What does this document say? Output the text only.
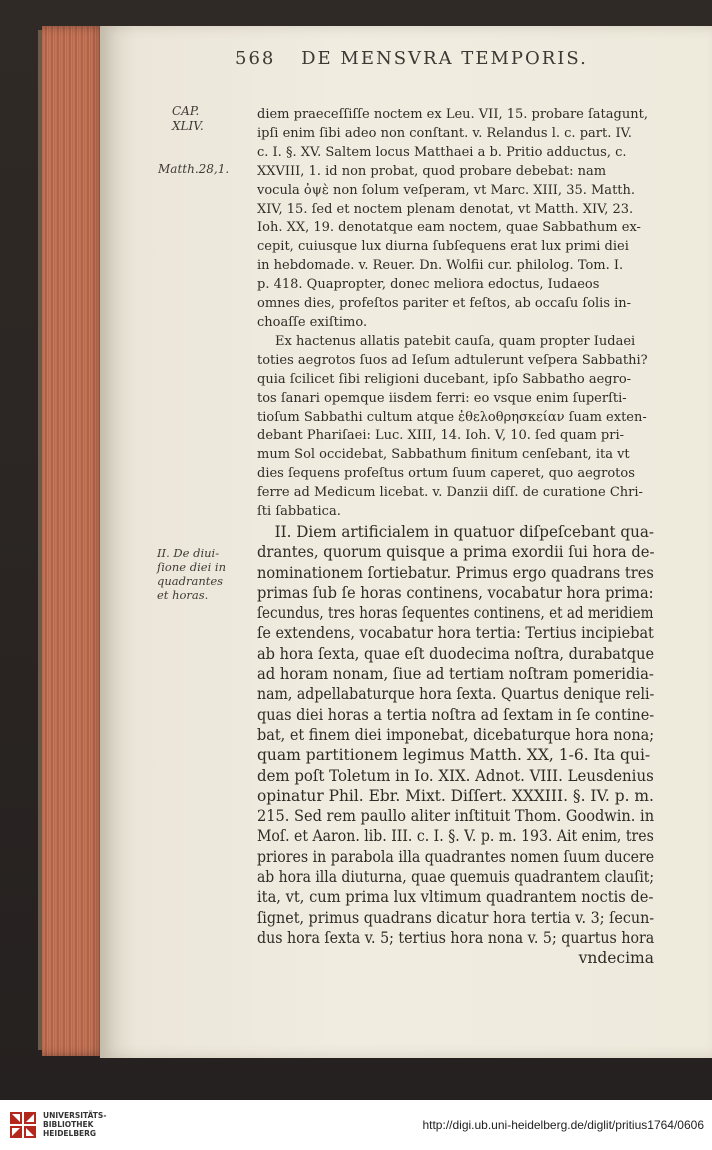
568 DE MENSVRA TEMPORIS.
CAP.
XLIV.
Matth.28,1.
II. De diui-
ſione diei in
quadrantes
et horas.
diem praeceſſiſſe noctem ex Leu. VII, 15. probare ſatagunt,
ipſi enim ſibi adeo non conſtant. v. Relandus l. c. part. IV.
c. I. §. XV. Saltem locus Matthaei a b. Pritio adductus, c.
XXVIII, 1. id non probat, quod probare debebat: nam
vocula ὀψὲ non ſolum veſperam, vt Marc. XIII, 35. Matth.
XIV, 15. ſed et noctem plenam denotat, vt Matth. XIV, 23.
Ioh. XX, 19. denotatque eam noctem, quae Sabbathum ex-
cepit, cuiusque lux diurna ſubſequens erat lux primi diei
in hebdomade. v. Reuer. Dn. Wolfii cur. philolog. Tom. I.
p. 418. Quapropter, donec meliora edoctus, Iudaeos
omnes dies, profeſtos pariter et feſtos, ab occaſu ſolis in-
choaſſe exiſtimo.
Ex hactenus allatis patebit cauſa, quam propter Iudaei
toties aegrotos ſuos ad Ieſum adtulerunt veſpera Sabbathi?
quia ſcilicet ſibi religioni ducebant, ipſo Sabbatho aegro-
tos ſanari opemque iisdem ferri: eo vsque enim ſuperſti-
tioſum Sabbathi cultum atque ἐθελοθρησκείαν ſuam exten-
debant Phariſaei: Luc. XIII, 14. Ioh. V, 10. ſed quam pri-
mum Sol occidebat, Sabbathum finitum cenſebant, ita vt
dies ſequens profeſtus ortum ſuum caperet, quo aegrotos
ferre ad Medicum licebat. v. Danzii diſſ. de curatione Chri-
ſti ſabbatica.
II. Diem artificialem in quatuor diſpeſcebant qua-
drantes, quorum quisque a prima exordii ſui hora de-
nominationem ſortiebatur. Primus ergo quadrans tres
primas ſub ſe horas continens, vocabatur hora prima:
ſecundus, tres horas ſequentes continens, et ad meridiem
ſe extendens, vocabatur hora tertia: Tertius incipiebat
ab hora ſexta, quae eſt duodecima noſtra, durabatque
ad horam nonam, ſiue ad tertiam noſtram pomeridia-
nam, adpellabaturque hora ſexta. Quartus denique reli-
quas diei horas a tertia noſtra ad ſextam in ſe contine-
bat, et finem diei imponebat, dicebaturque hora nona;
quam partitionem legimus Matth. XX, 1-6. Ita qui-
dem poſt Toletum in Io. XIX. Adnot. VIII. Leusdenius
opinatur Phil. Ebr. Mixt. Diſſert. XXXIII. §. IV. p. m.
215. Sed rem paullo aliter inſtituit Thom. Goodwin. in
Moſ. et Aaron. lib. III. c. I. §. V. p. m. 193. Ait enim, tres
priores in parabola illa quadrantes nomen ſuum ducere
ab hora illa diuturna, quae quemuis quadrantem clauſit;
ita, vt, cum prima lux vltimum quadrantem noctis de-
ſignet, primus quadrans dicatur hora tertia v. 3; ſecun-
dus hora ſexta v. 5; tertius hora nona v. 5; quartus hora
vndecima
UNIVERSITÄTS-
BIBLIOTHEK
HEIDELBERG
http://digi.ub.uni-heidelberg.de/diglit/pritius1764/0606
